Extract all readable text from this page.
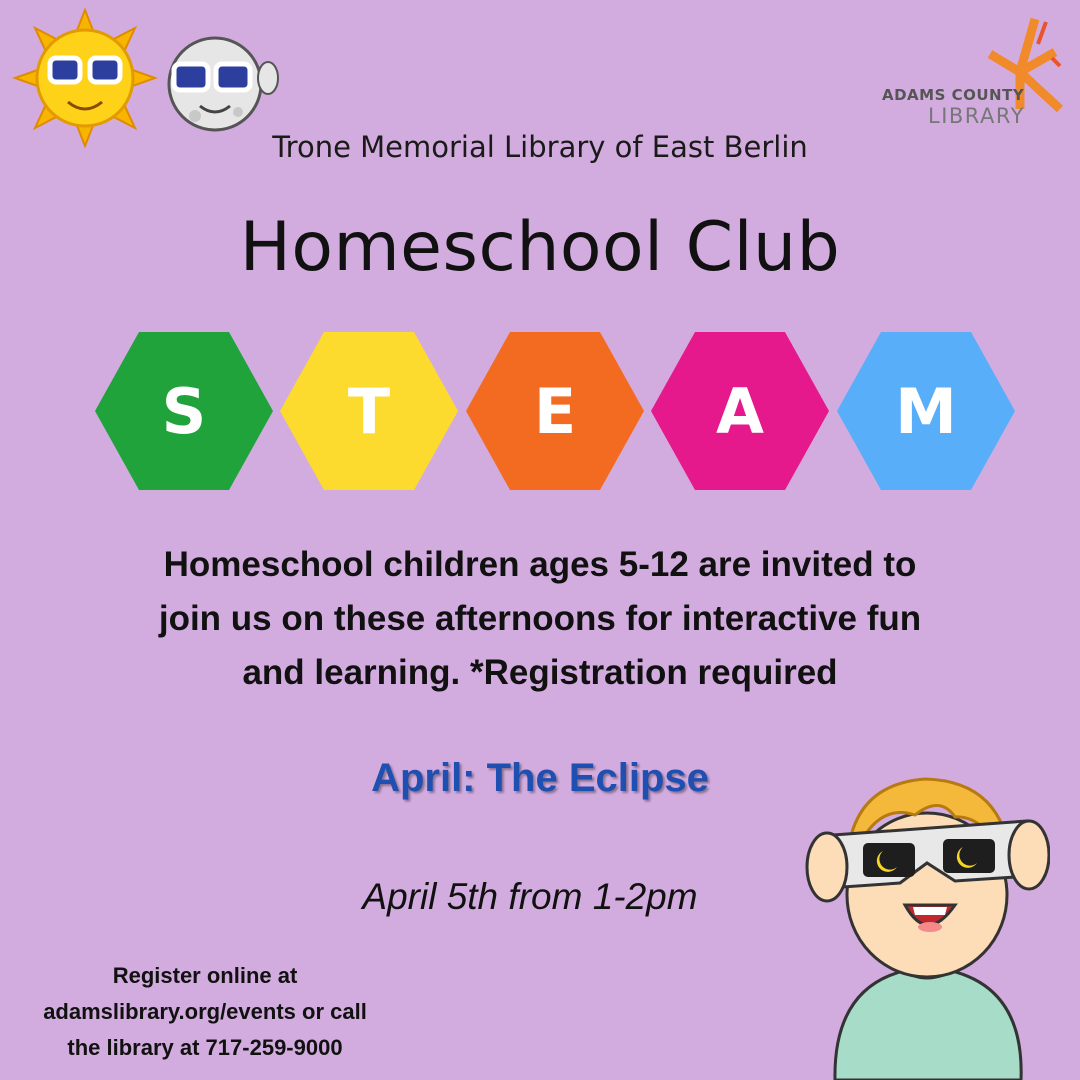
ADAMS COUNTY
LIBRARY
Trone Memorial Library of East Berlin
Homeschool Club
S	T	E	A	M
Homeschool children ages 5-12 are invited to
join us on these afternoons for interactive fun
and learning. *Registration required
April: The Eclipse
April 5th from 1-2pm
Register online at
adamslibrary.org/events or call
the library at 717-259-9000
